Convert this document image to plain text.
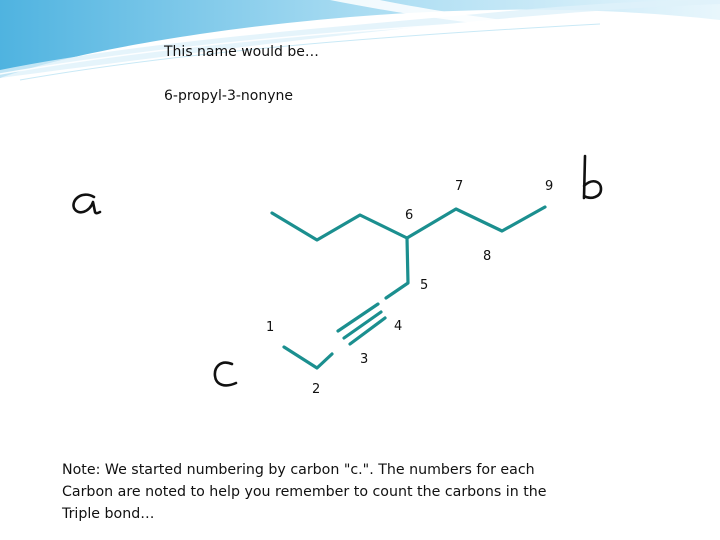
This name would be…
6-propyl-3-nonyne
1
2
3
4
5
6
7
8
9
Note: We started numbering by carbon "c.". The numbers for each Carbon are noted to help you remember to count the carbons in the Triple bond…
